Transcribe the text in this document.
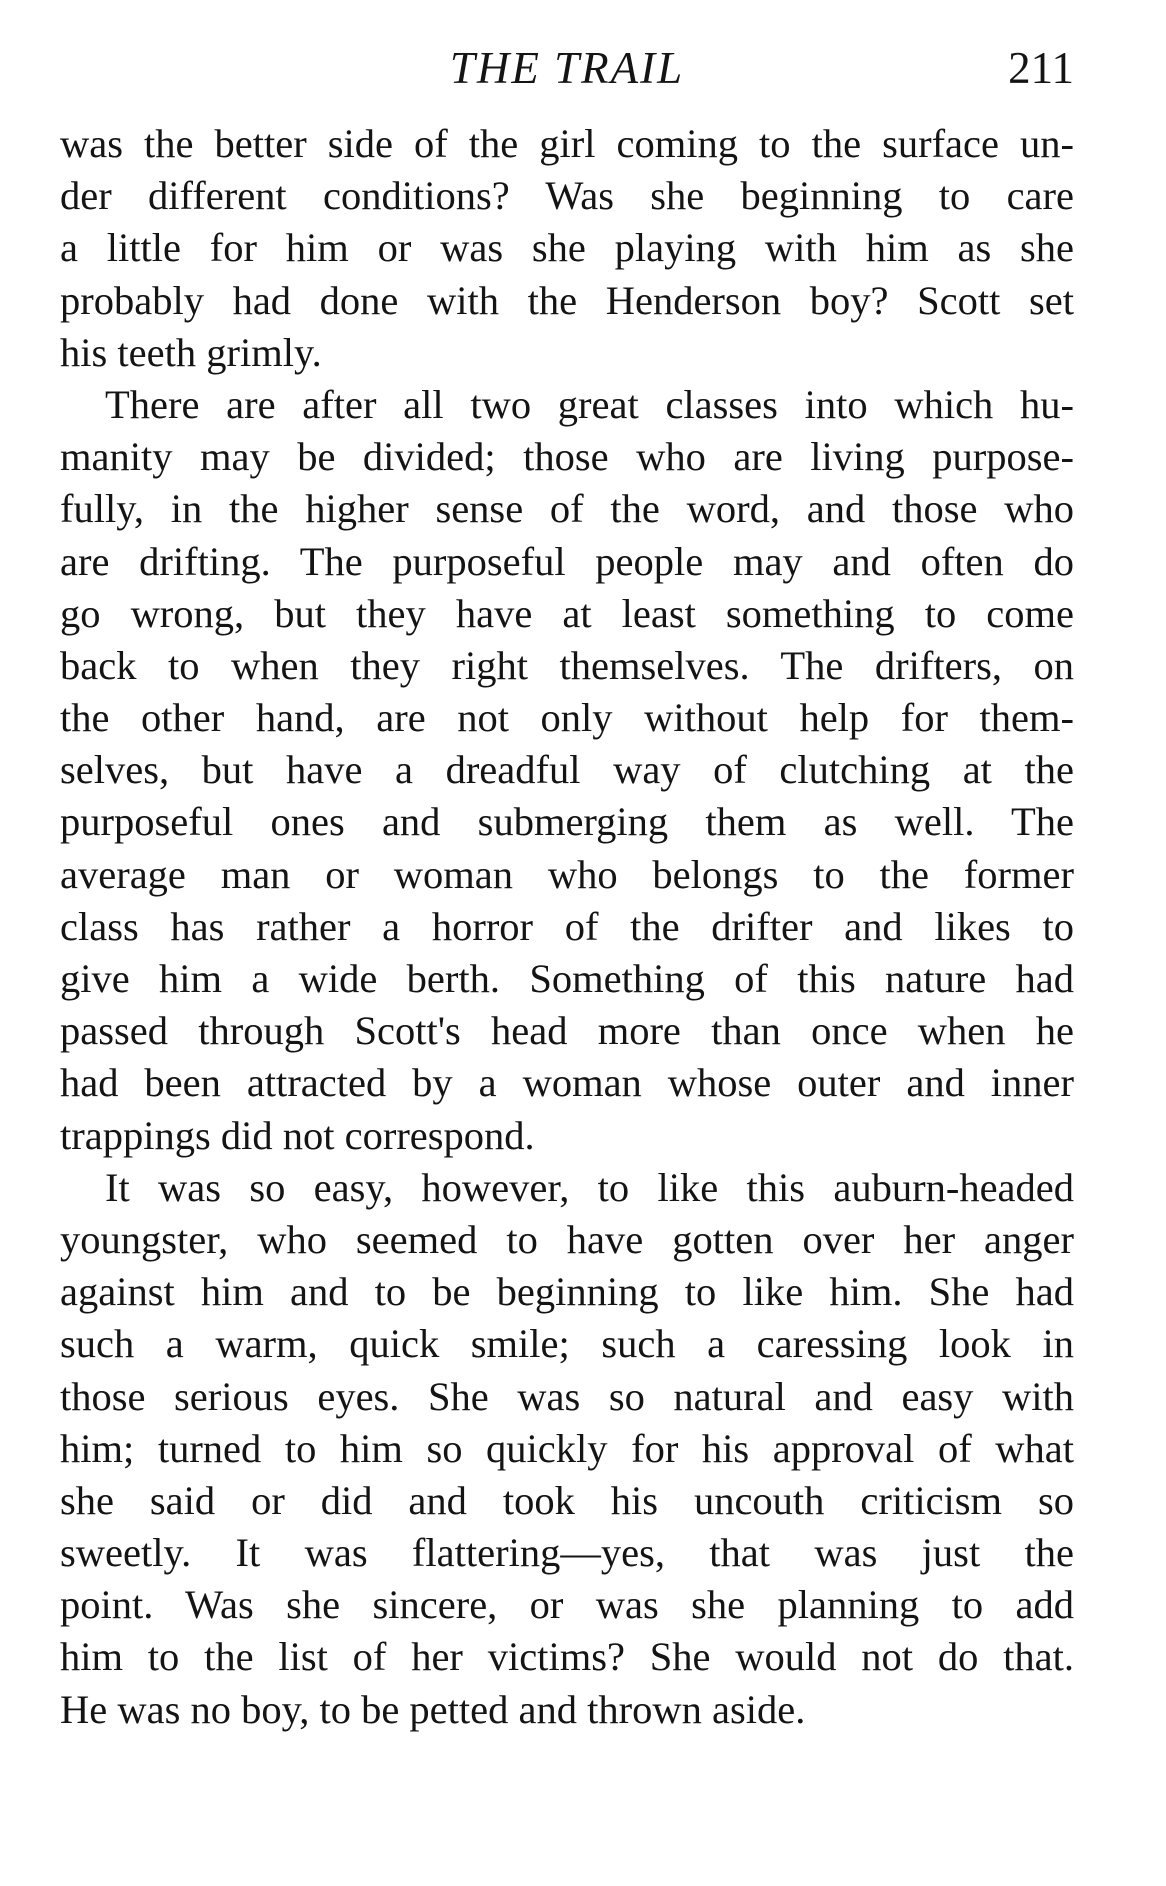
THE TRAIL	211
was the better side of the girl coming to the surface un-
der different conditions? Was she beginning to care
a little for him or was she playing with him as she
probably had done with the Henderson boy? Scott set
his teeth grimly.
There are after all two great classes into which hu-
manity may be divided; those who are living purpose-
fully, in the higher sense of the word, and those who
are drifting. The purposeful people may and often do
go wrong, but they have at least something to come
back to when they right themselves. The drifters, on
the other hand, are not only without help for them-
selves, but have a dreadful way of clutching at the
purposeful ones and submerging them as well. The
average man or woman who belongs to the former
class has rather a horror of the drifter and likes to
give him a wide berth. Something of this nature had
passed through Scott's head more than once when he
had been attracted by a woman whose outer and inner
trappings did not correspond.
It was so easy, however, to like this auburn-headed
youngster, who seemed to have gotten over her anger
against him and to be beginning to like him. She had
such a warm, quick smile; such a caressing look in
those serious eyes. She was so natural and easy with
him; turned to him so quickly for his approval of what
she said or did and took his uncouth criticism so
sweetly. It was flattering—yes, that was just the
point. Was she sincere, or was she planning to add
him to the list of her victims? She would not do that.
He was no boy, to be petted and thrown aside.
